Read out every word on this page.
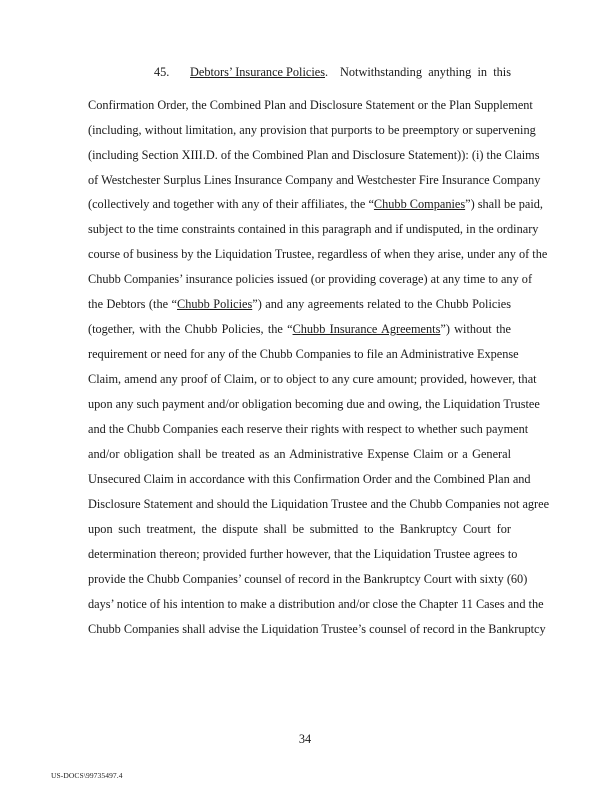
45. Debtors’ Insurance Policies. Notwithstanding anything in this
Confirmation Order, the Combined Plan and Disclosure Statement or the Plan Supplement
(including, without limitation, any provision that purports to be preemptory or supervening
(including Section XIII.D. of the Combined Plan and Disclosure Statement)): (i) the Claims
of Westchester Surplus Lines Insurance Company and Westchester Fire Insurance Company
(collectively and together with any of their affiliates, the “Chubb Companies”) shall be paid,
subject to the time constraints contained in this paragraph and if undisputed, in the ordinary
course of business by the Liquidation Trustee, regardless of when they arise, under any of the
Chubb Companies’ insurance policies issued (or providing coverage) at any time to any of
the Debtors (the “Chubb Policies”) and any agreements related to the Chubb Policies
(together, with the Chubb Policies, the “Chubb Insurance Agreements”) without the
requirement or need for any of the Chubb Companies to file an Administrative Expense
Claim, amend any proof of Claim, or to object to any cure amount; provided, however, that
upon any such payment and/or obligation becoming due and owing, the Liquidation Trustee
and the Chubb Companies each reserve their rights with respect to whether such payment
and/or obligation shall be treated as an Administrative Expense Claim or a General
Unsecured Claim in accordance with this Confirmation Order and the Combined Plan and
Disclosure Statement and should the Liquidation Trustee and the Chubb Companies not agree
upon such treatment, the dispute shall be submitted to the Bankruptcy Court for
determination thereon; provided further however, that the Liquidation Trustee agrees to
provide the Chubb Companies’ counsel of record in the Bankruptcy Court with sixty (60)
days’ notice of his intention to make a distribution and/or close the Chapter 11 Cases and the
Chubb Companies shall advise the Liquidation Trustee’s counsel of record in the Bankruptcy
34
US-DOCS\99735497.4
